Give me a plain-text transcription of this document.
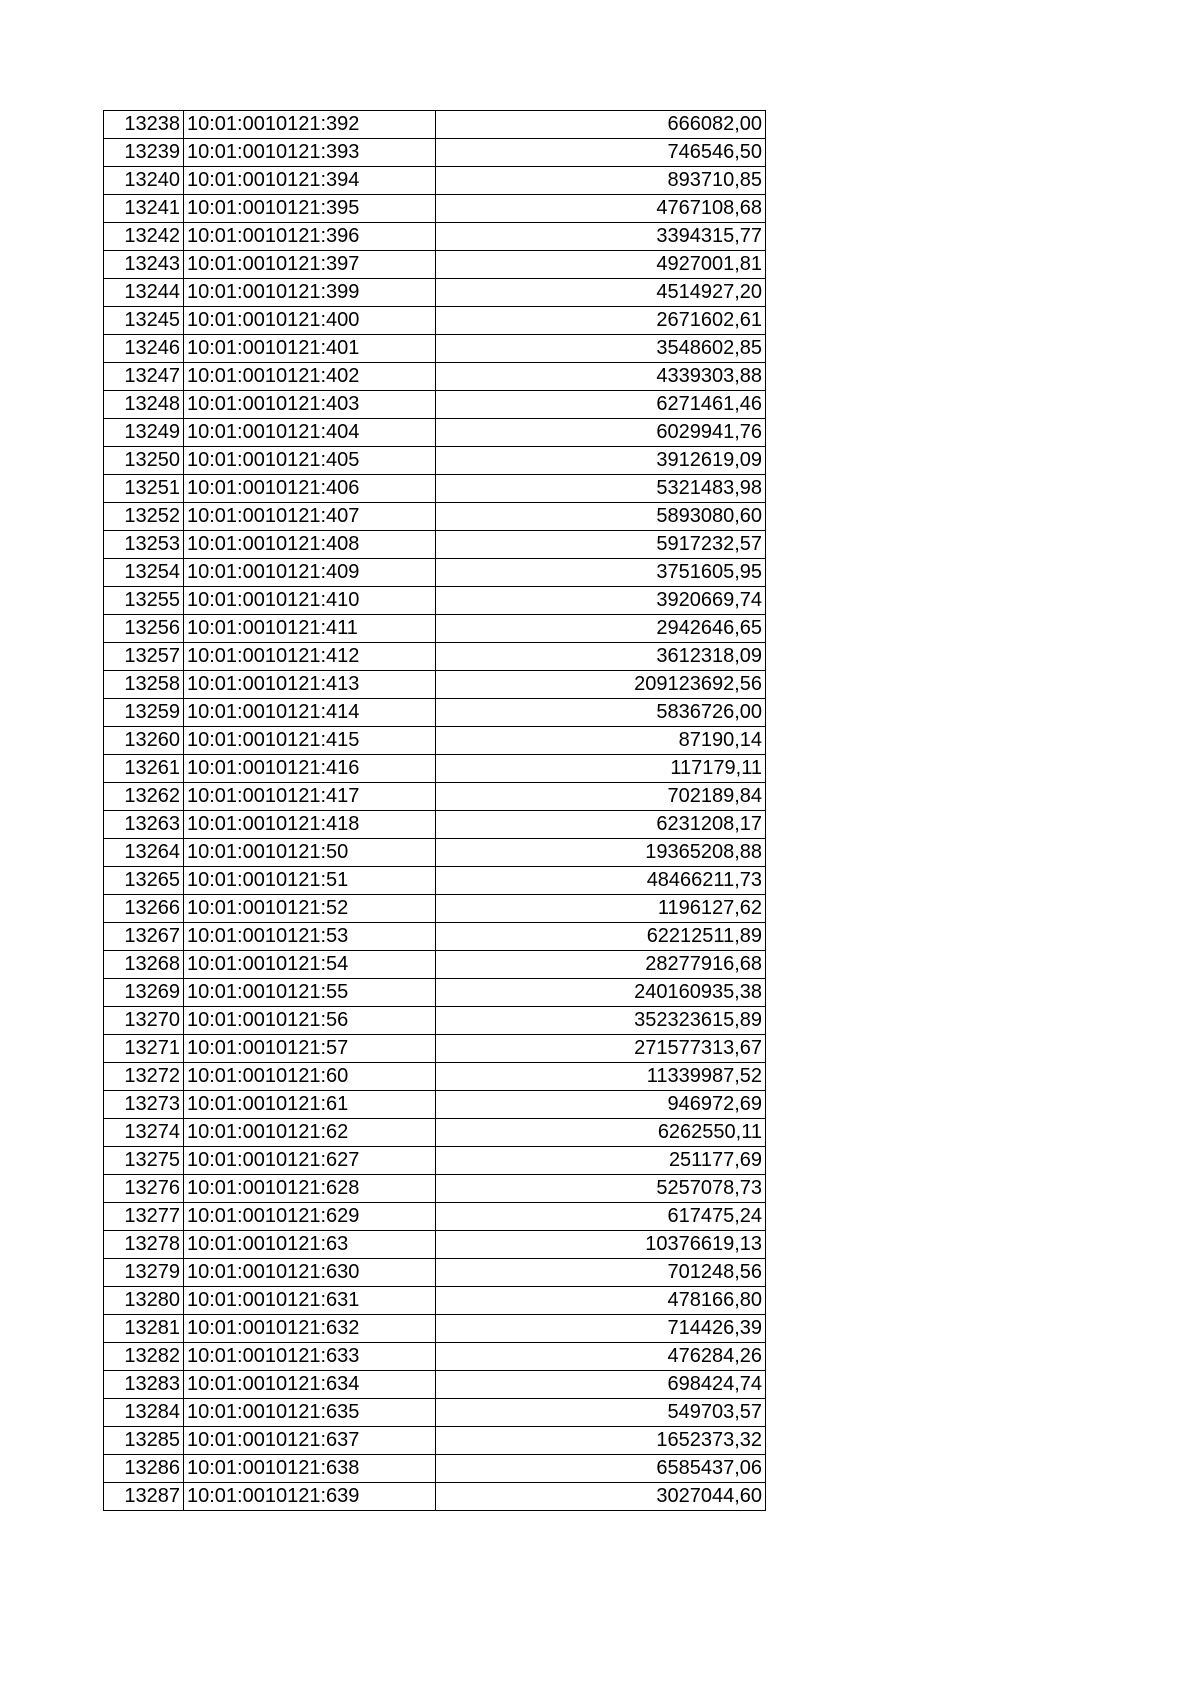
13238	10:01:0010121:392	666082,00
13239	10:01:0010121:393	746546,50
13240	10:01:0010121:394	893710,85
13241	10:01:0010121:395	4767108,68
13242	10:01:0010121:396	3394315,77
13243	10:01:0010121:397	4927001,81
13244	10:01:0010121:399	4514927,20
13245	10:01:0010121:400	2671602,61
13246	10:01:0010121:401	3548602,85
13247	10:01:0010121:402	4339303,88
13248	10:01:0010121:403	6271461,46
13249	10:01:0010121:404	6029941,76
13250	10:01:0010121:405	3912619,09
13251	10:01:0010121:406	5321483,98
13252	10:01:0010121:407	5893080,60
13253	10:01:0010121:408	5917232,57
13254	10:01:0010121:409	3751605,95
13255	10:01:0010121:410	3920669,74
13256	10:01:0010121:411	2942646,65
13257	10:01:0010121:412	3612318,09
13258	10:01:0010121:413	209123692,56
13259	10:01:0010121:414	5836726,00
13260	10:01:0010121:415	87190,14
13261	10:01:0010121:416	117179,11
13262	10:01:0010121:417	702189,84
13263	10:01:0010121:418	6231208,17
13264	10:01:0010121:50	19365208,88
13265	10:01:0010121:51	48466211,73
13266	10:01:0010121:52	1196127,62
13267	10:01:0010121:53	62212511,89
13268	10:01:0010121:54	28277916,68
13269	10:01:0010121:55	240160935,38
13270	10:01:0010121:56	352323615,89
13271	10:01:0010121:57	271577313,67
13272	10:01:0010121:60	11339987,52
13273	10:01:0010121:61	946972,69
13274	10:01:0010121:62	6262550,11
13275	10:01:0010121:627	251177,69
13276	10:01:0010121:628	5257078,73
13277	10:01:0010121:629	617475,24
13278	10:01:0010121:63	10376619,13
13279	10:01:0010121:630	701248,56
13280	10:01:0010121:631	478166,80
13281	10:01:0010121:632	714426,39
13282	10:01:0010121:633	476284,26
13283	10:01:0010121:634	698424,74
13284	10:01:0010121:635	549703,57
13285	10:01:0010121:637	1652373,32
13286	10:01:0010121:638	6585437,06
13287	10:01:0010121:639	3027044,60
